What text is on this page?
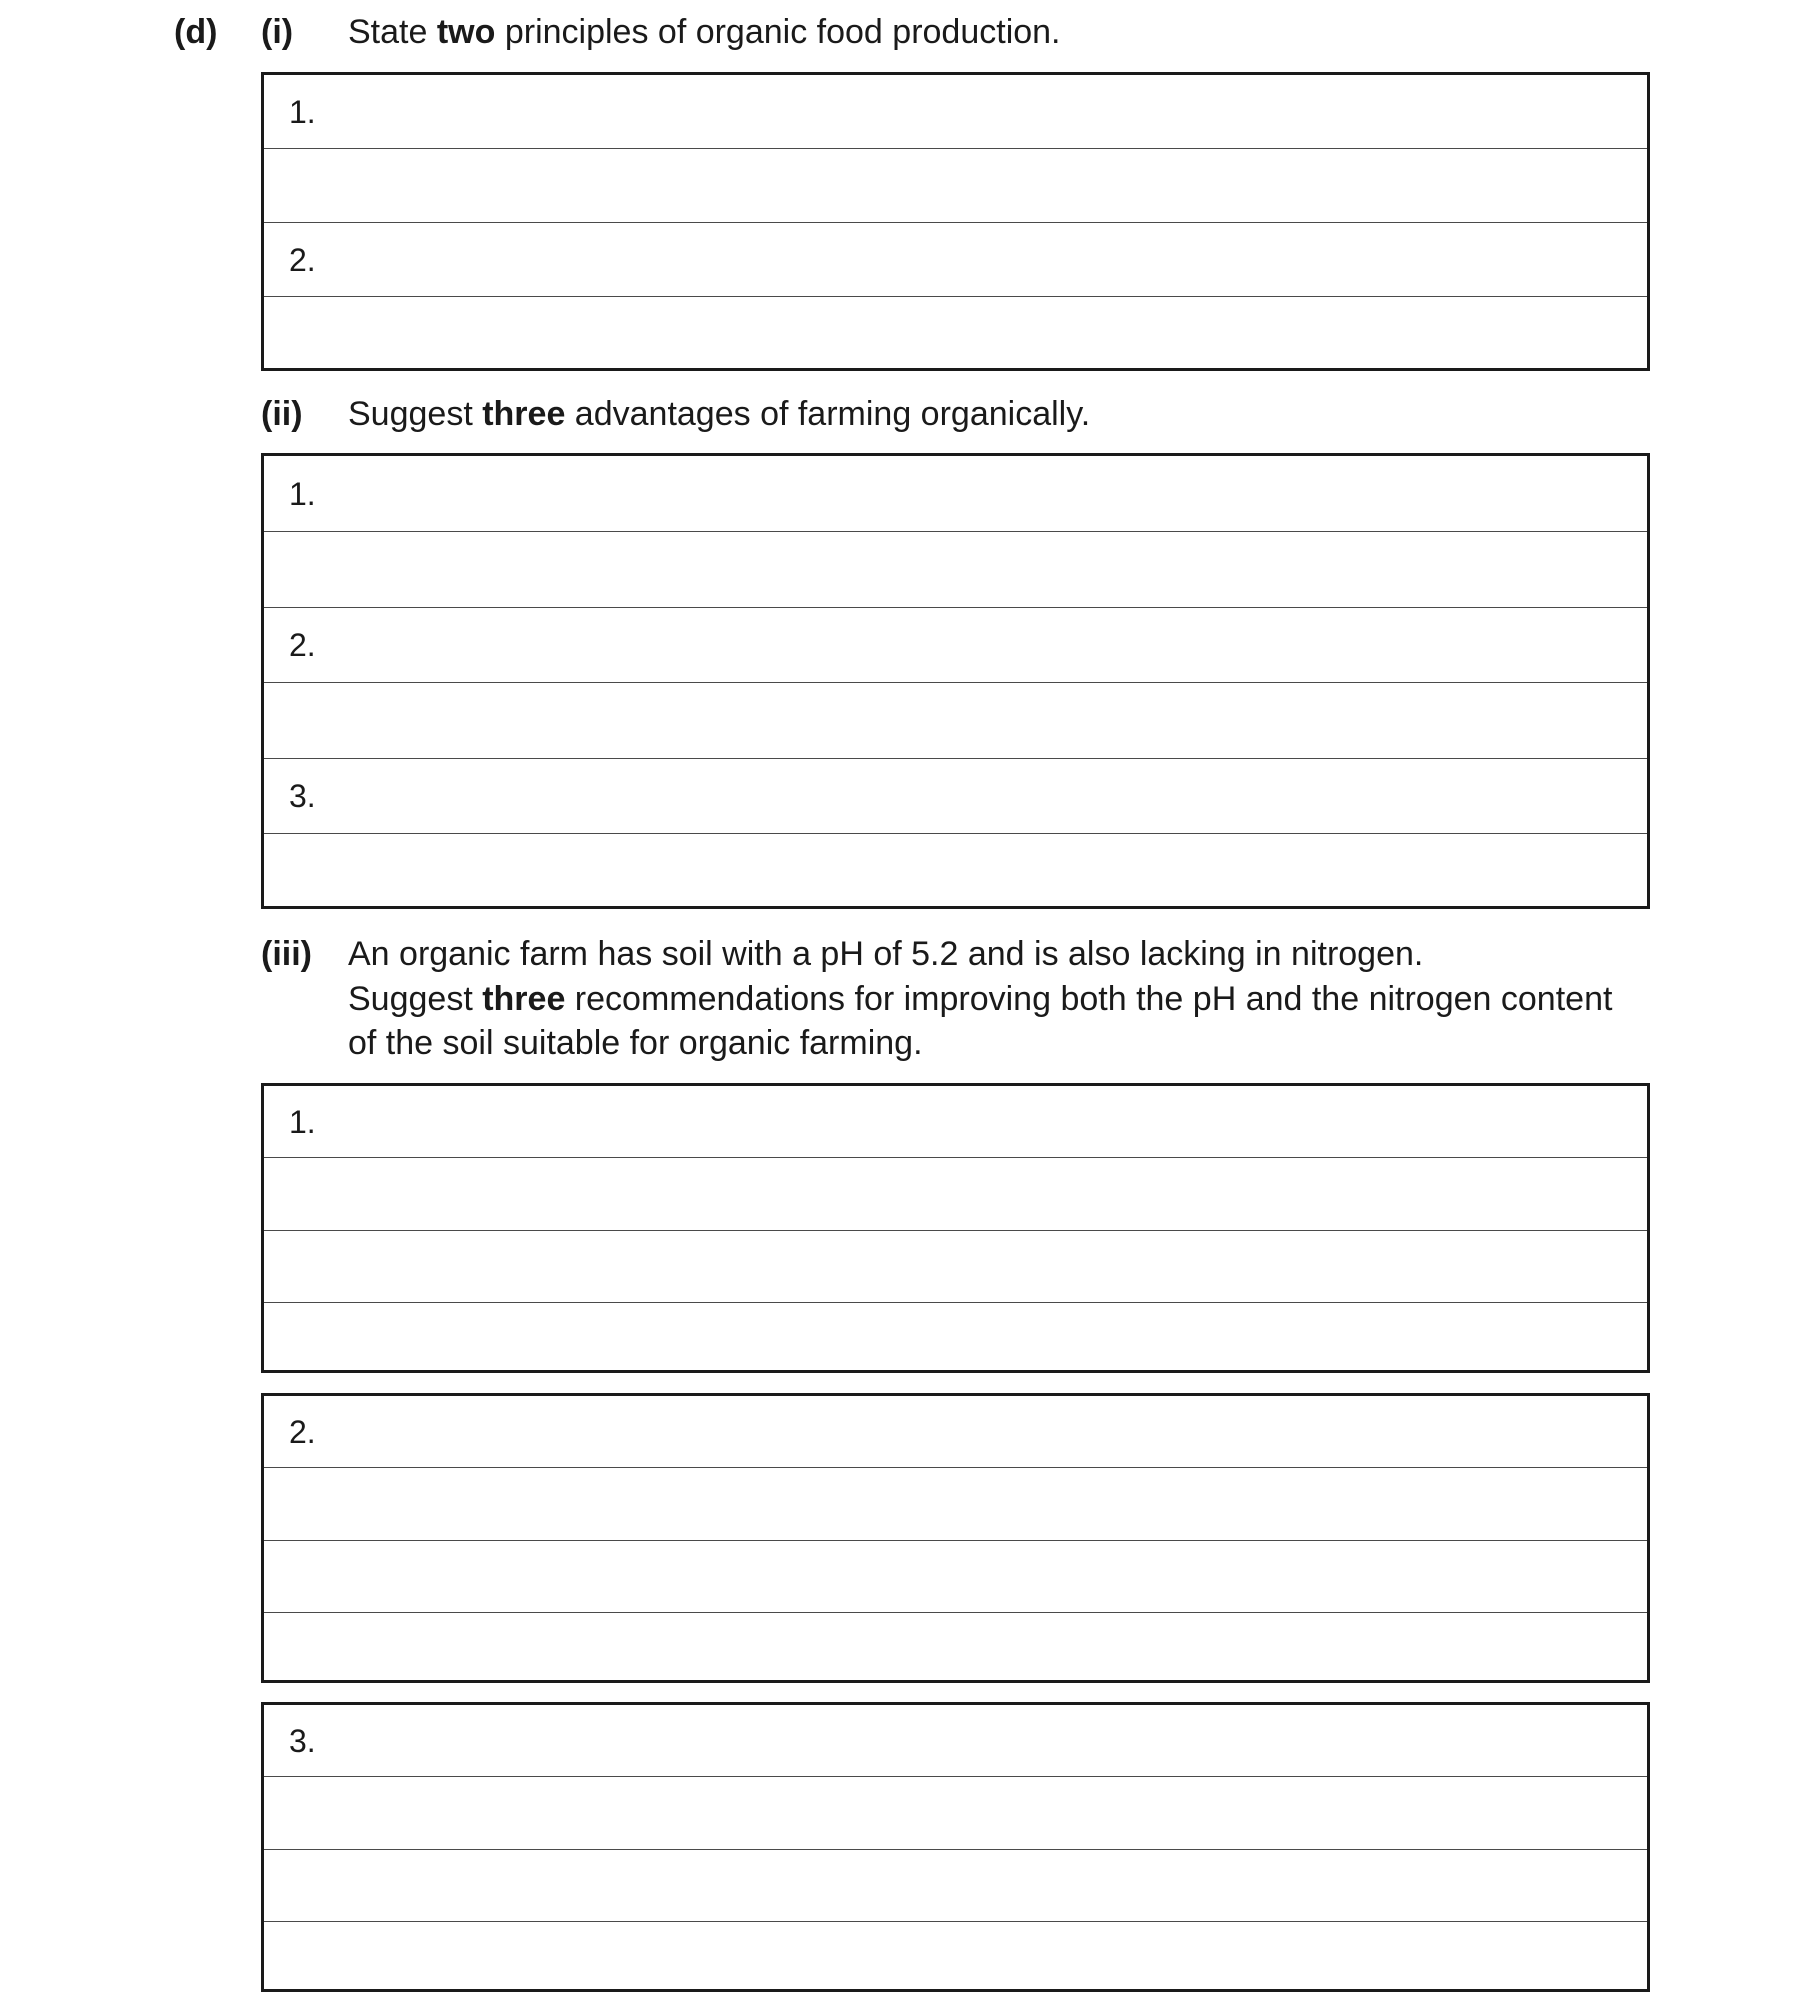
(d) (i) State two principles of organic food production.
1.
2.
(ii) Suggest three advantages of farming organically.
1.
2.
3.
(iii) An organic farm has soil with a pH of 5.2 and is also lacking in nitrogen.
Suggest three recommendations for improving both the pH and the nitrogen content
of the soil suitable for organic farming.
1.
2.
3.
